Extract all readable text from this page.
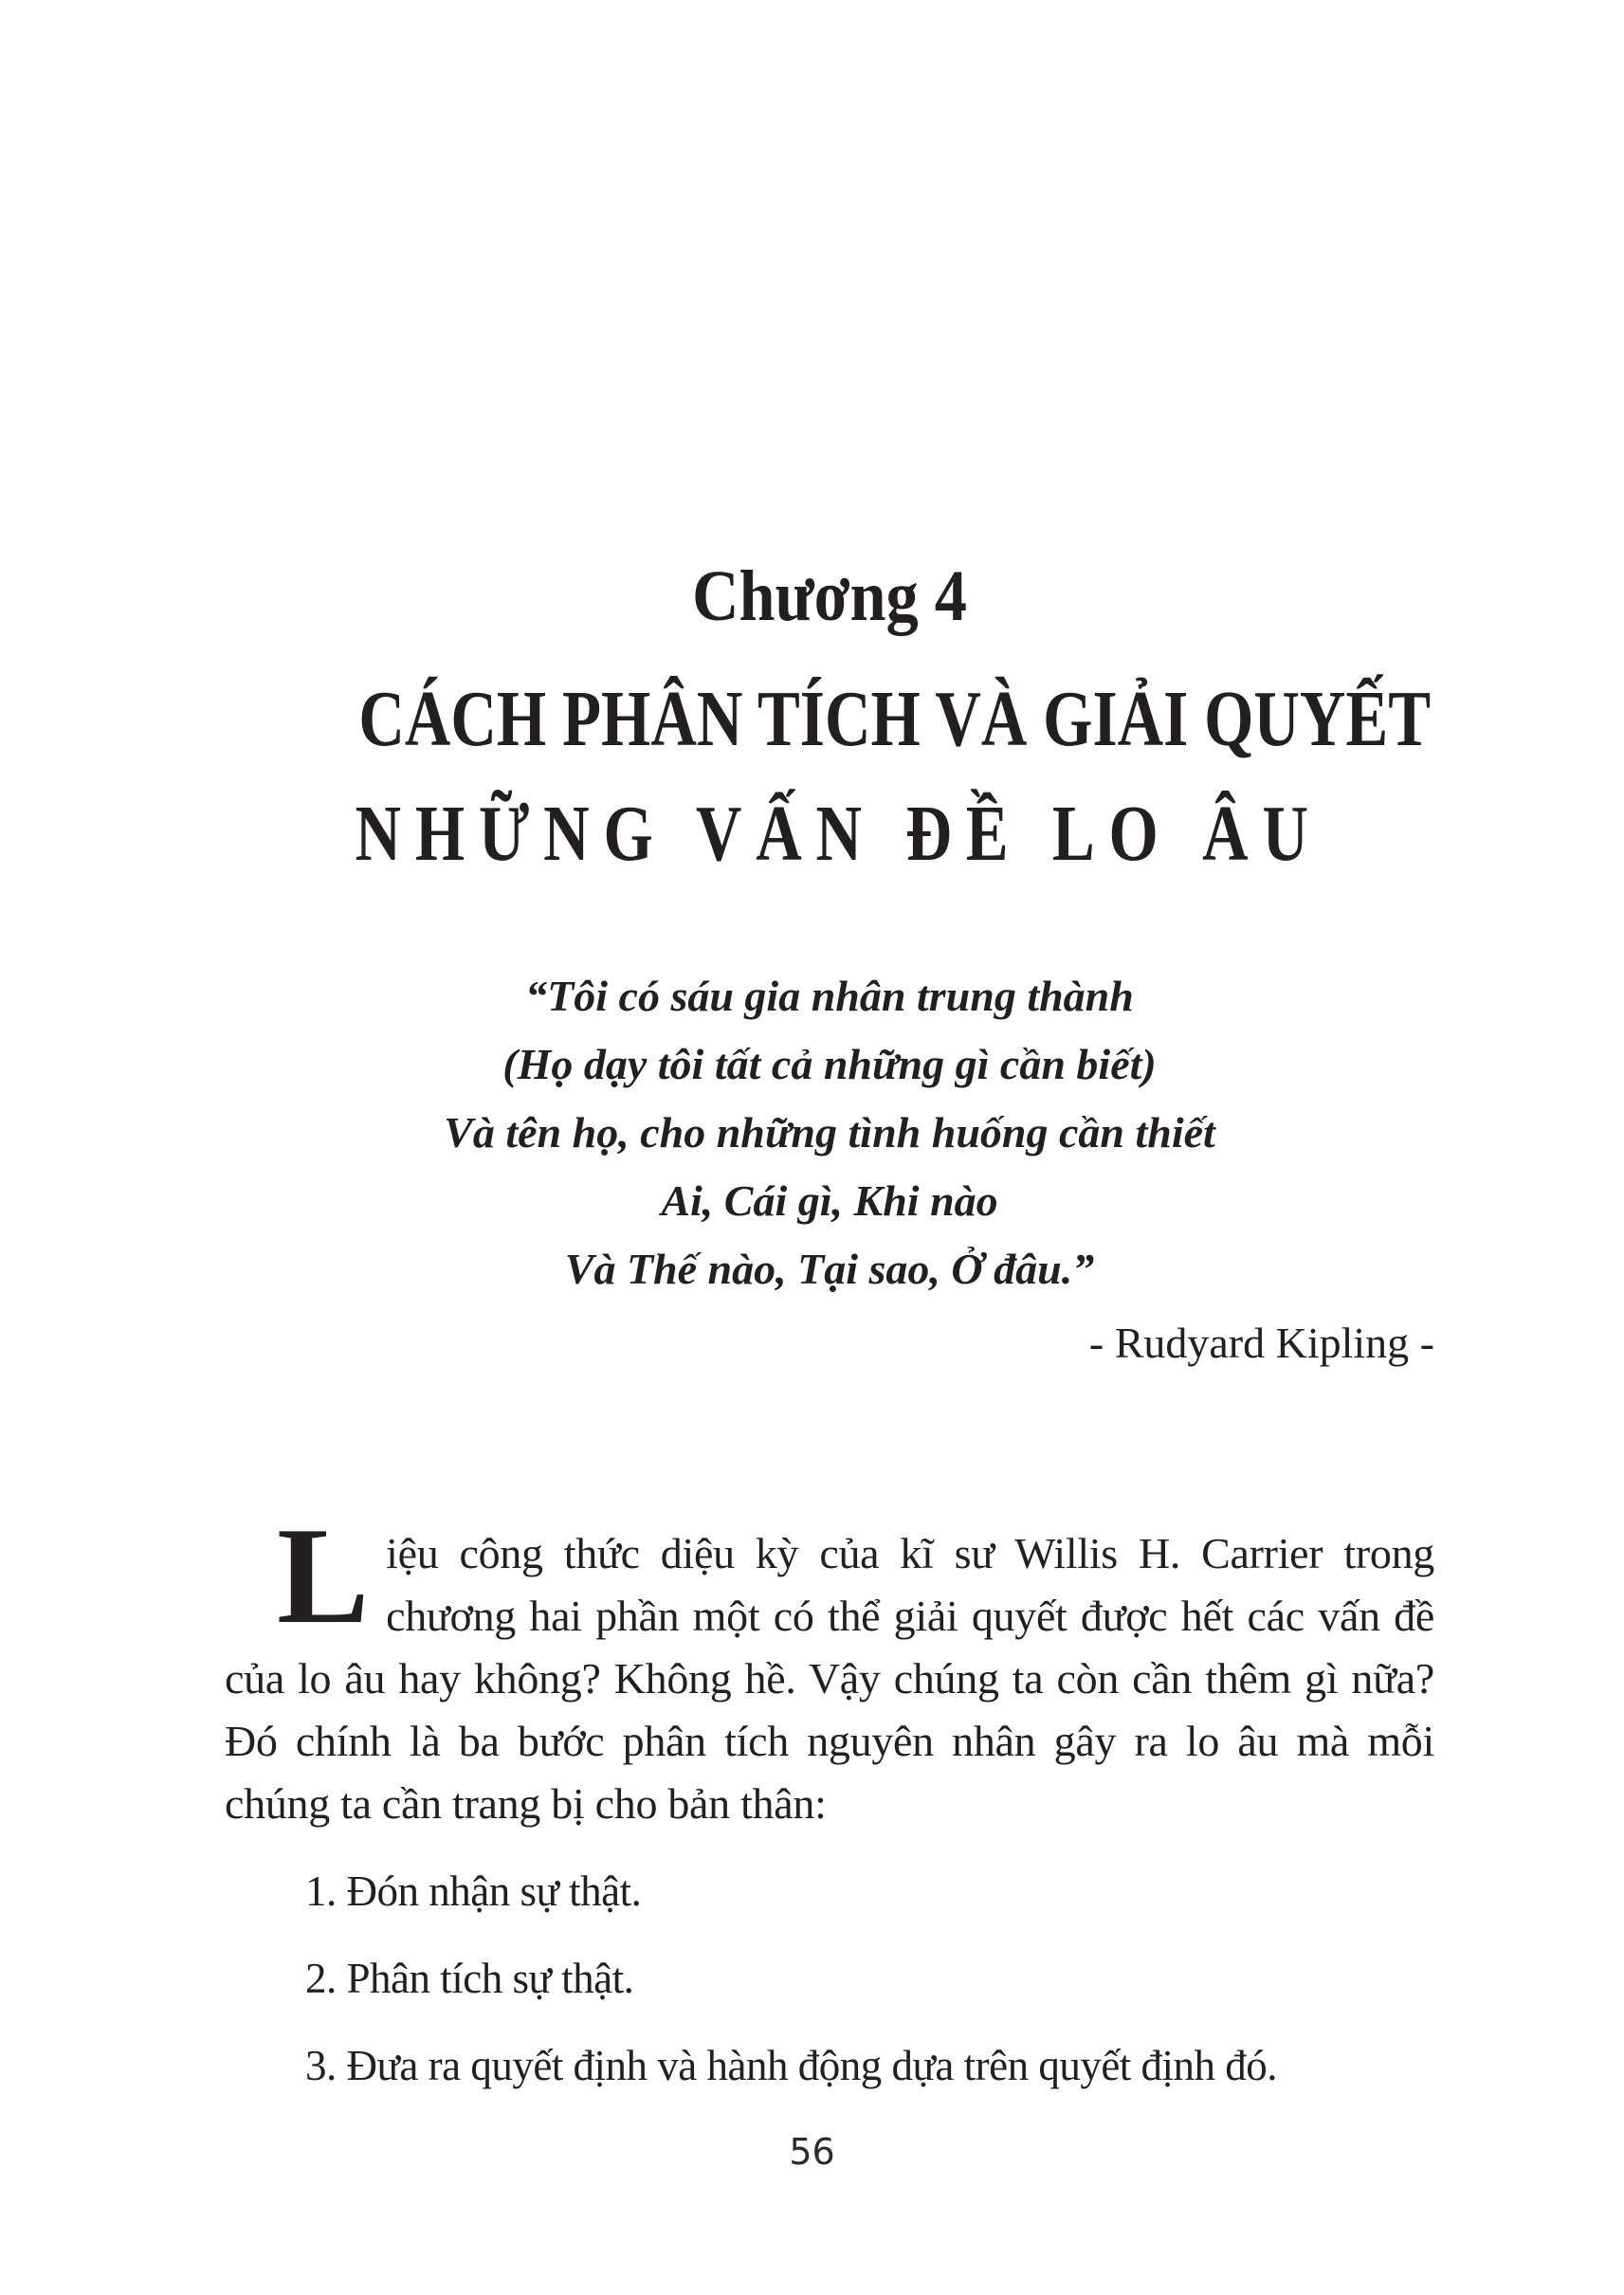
Chương 4
CÁCH PHÂN TÍCH VÀ GIẢI QUYẾT
NHỮNG VẤN ĐỀ LO ÂU
“Tôi có sáu gia nhân trung thành
(Họ dạy tôi tất cả những gì cần biết)
Và tên họ, cho những tình huống cần thiết
Ai, Cái gì, Khi nào
Và Thế nào, Tại sao, Ở đâu.”
- Rudyard Kipling -

Liệu công thức diệu kỳ của kĩ sư Willis H. Carrier trong chương hai phần một có thể giải quyết được hết các vấn đề của lo âu hay không? Không hề. Vậy chúng ta còn cần thêm gì nữa? Đó chính là ba bước phân tích nguyên nhân gây ra lo âu mà mỗi chúng ta cần trang bị cho bản thân:

1. Đón nhận sự thật.
2. Phân tích sự thật.
3. Đưa ra quyết định và hành động dựa trên quyết định đó.
56
